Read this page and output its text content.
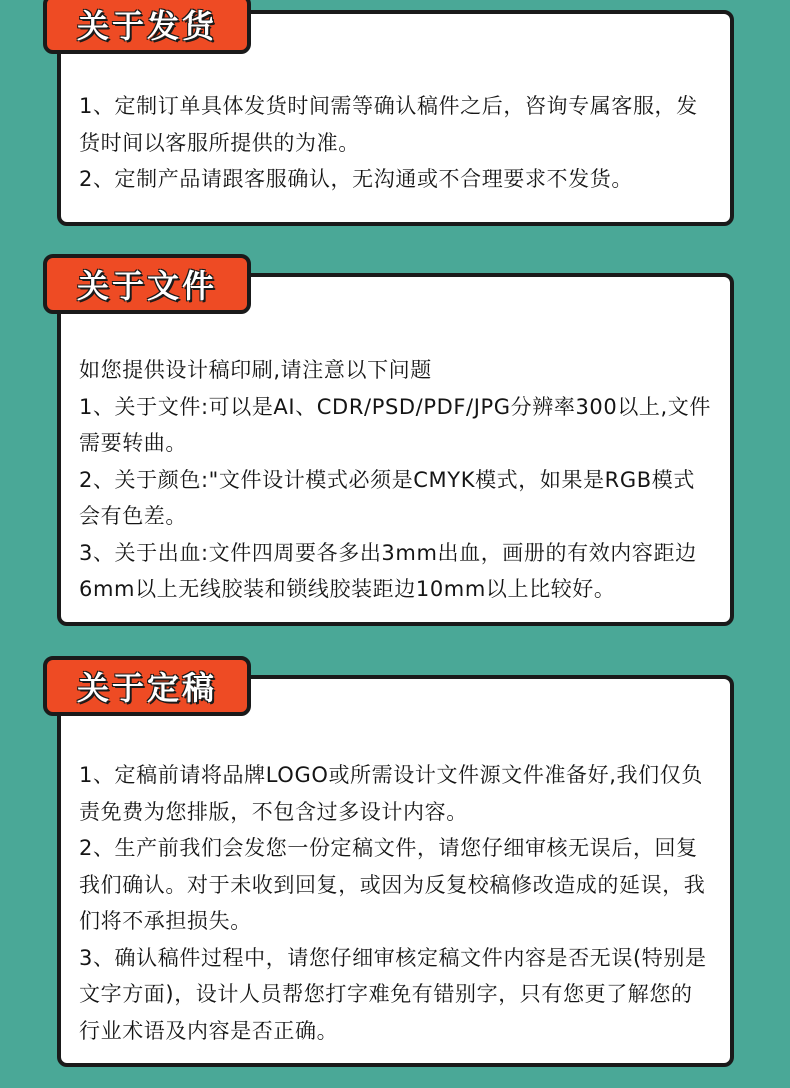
关于发货

1、定制订单具体发货时间需等确认稿件之后，咨询专属客服，发货时间以客服所提供的为准。

2、定制产品请跟客服确认，无沟通或不合理要求不发货。

关于文件

如您提供设计稿印刷,请注意以下问题

1、关于文件:可以是AI、CDR/PSD/PDF/JPG分辨率300以上,文件需要转曲。

2、关于颜色:"文件设计模式必须是CMYK模式，如果是RGB模式会有色差。

3、关于出血:文件四周要各多出3mm出血，画册的有效内容距边6mm以上无线胶装和锁线胶装距边10mm以上比较好。

关于定稿

1、定稿前请将品牌LOGO或所需设计文件源文件准备好,我们仅负责免费为您排版，不包含过多设计内容。

2、生产前我们会发您一份定稿文件，请您仔细审核无误后，回复我们确认。对于未收到回复，或因为反复校稿修改造成的延误，我们将不承担损失。

3、确认稿件过程中，请您仔细审核定稿文件内容是否无误(特别是文字方面)，设计人员帮您打字难免有错别字，只有您更了解您的行业术语及内容是否正确。
